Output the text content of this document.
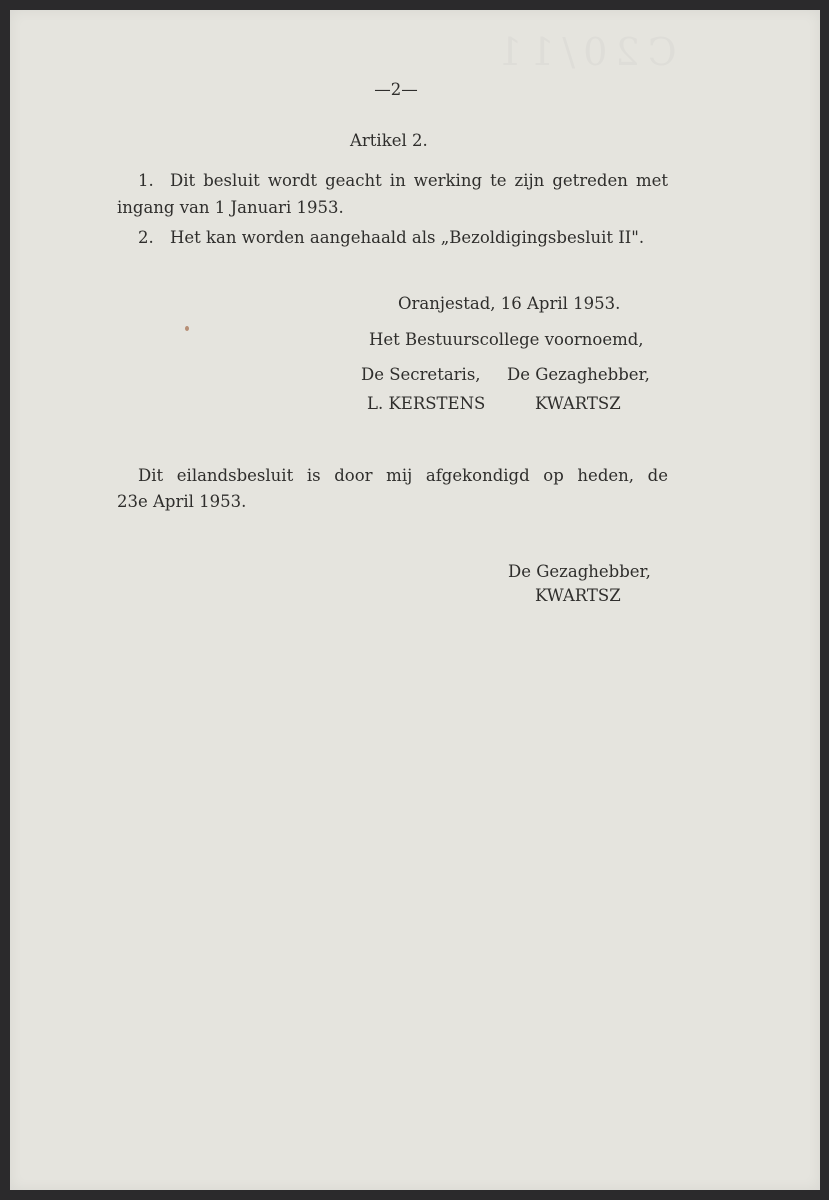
—2—
Artikel 2.
1. Dit besluit wordt geacht in werking te zijn getreden met
ingang van 1 Januari 1953.
2. Het kan worden aangehaald als „Bezoldigingsbesluit II".
Oranjestad, 16 April 1953.
Het Bestuurscollege voornoemd,
De Secretaris, De Gezaghebber,
L. KERSTENS	KWARTSZ
Dit eilandsbesluit is door mij afgekondigd op heden, de
23e April 1953.
De Gezaghebber,
KWARTSZ
